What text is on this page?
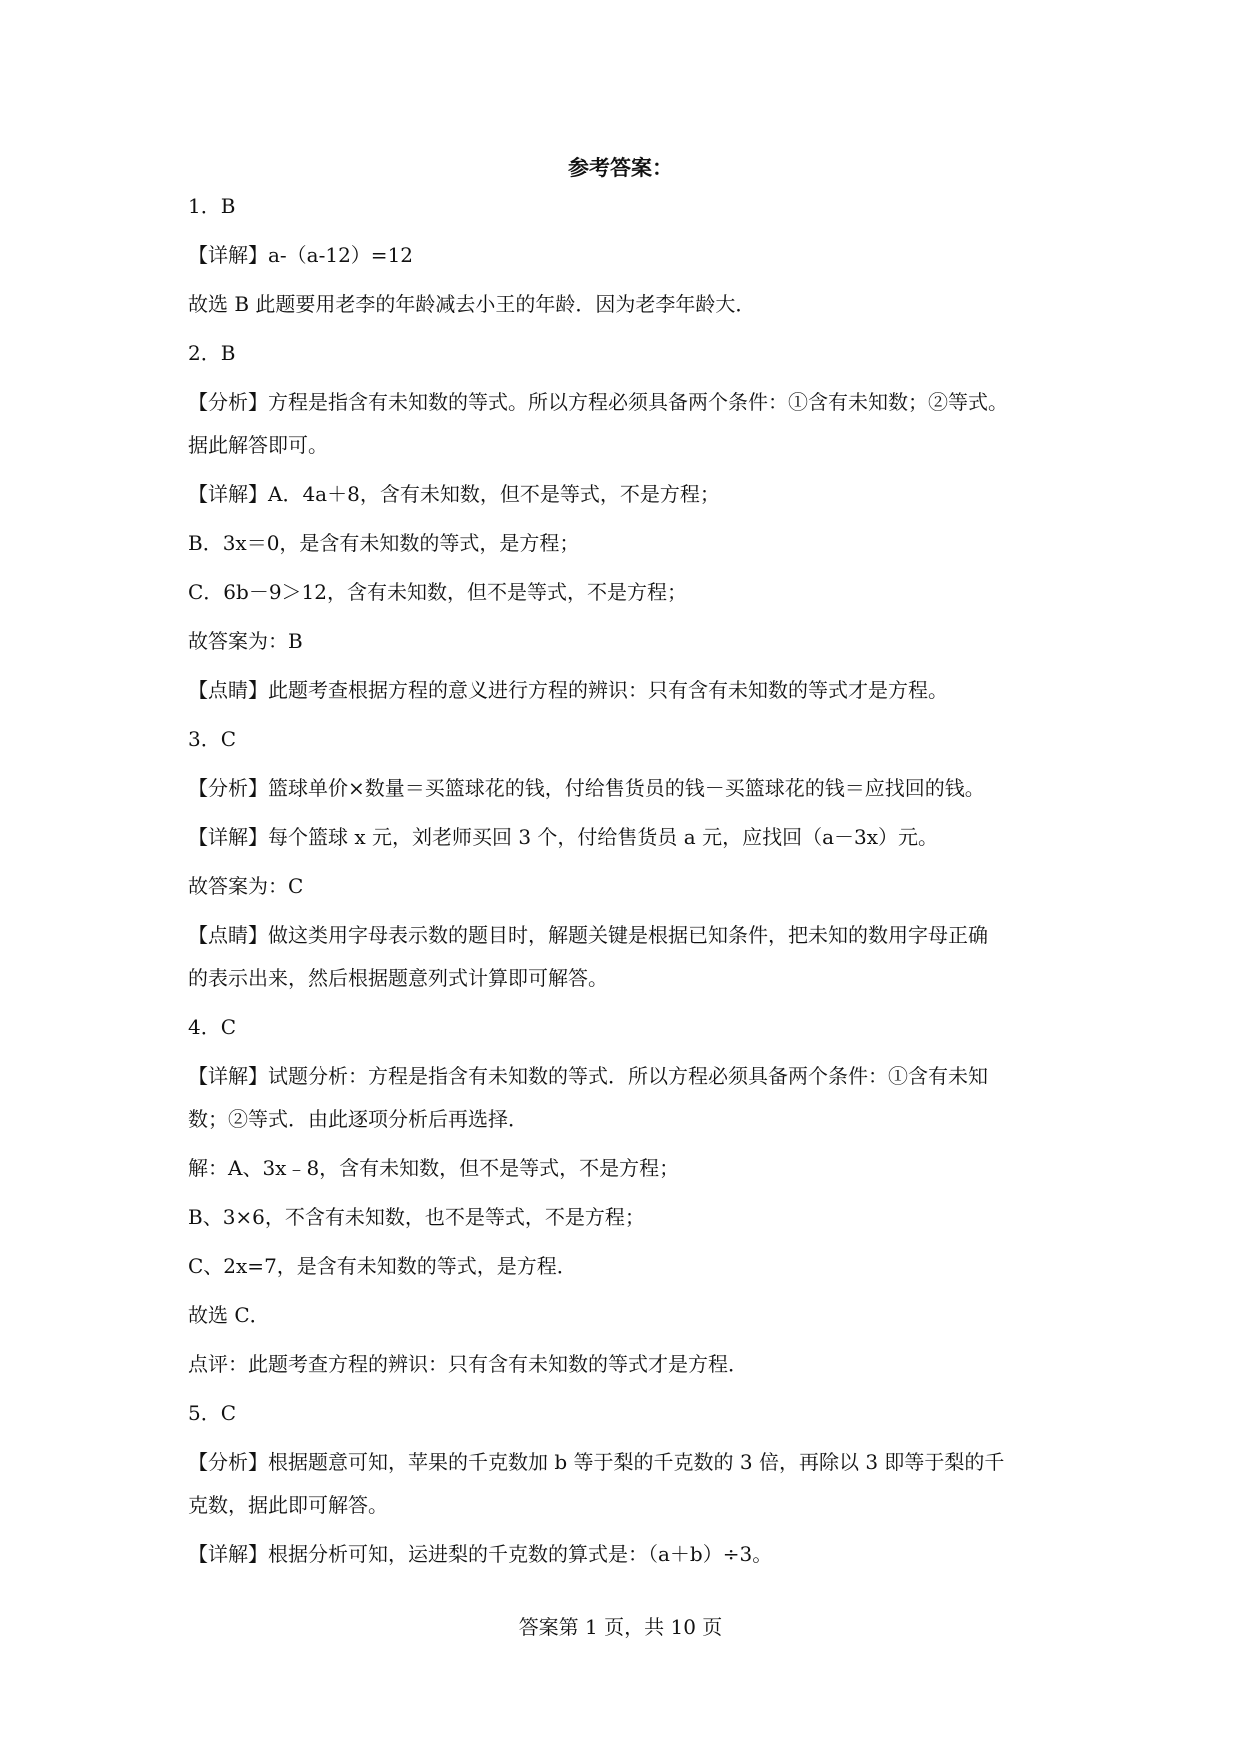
参考答案：
1．B
【详解】a-（a-12）=12
故选 B 此题要用老李的年龄减去小王的年龄．因为老李年龄大．
2．B
【分析】方程是指含有未知数的等式。所以方程必须具备两个条件：①含有未知数；②等式。
据此解答即可。
【详解】A．4a＋8，含有未知数，但不是等式，不是方程；
B．3x＝0，是含有未知数的等式，是方程；
C．6b－9＞12，含有未知数，但不是等式，不是方程；
故答案为：B
【点睛】此题考查根据方程的意义进行方程的辨识：只有含有未知数的等式才是方程。
3．C
【分析】篮球单价×数量＝买篮球花的钱，付给售货员的钱－买篮球花的钱＝应找回的钱。
【详解】每个篮球 x 元，刘老师买回 3 个，付给售货员 a 元，应找回（a－3x）元。
故答案为：C
【点睛】做这类用字母表示数的题目时，解题关键是根据已知条件，把未知的数用字母正确
的表示出来，然后根据题意列式计算即可解答。
4．C
【详解】试题分析：方程是指含有未知数的等式．所以方程必须具备两个条件：①含有未知
数；②等式．由此逐项分析后再选择．
解：A、3x﹣8，含有未知数，但不是等式，不是方程；
B、3×6，不含有未知数，也不是等式，不是方程；
C、2x=7，是含有未知数的等式，是方程．
故选 C．
点评：此题考查方程的辨识：只有含有未知数的等式才是方程．
5．C
【分析】根据题意可知，苹果的千克数加 b 等于梨的千克数的 3 倍，再除以 3 即等于梨的千
克数，据此即可解答。
【详解】根据分析可知，运进梨的千克数的算式是：（a＋b）÷3。
答案第 1 页，共 10 页
